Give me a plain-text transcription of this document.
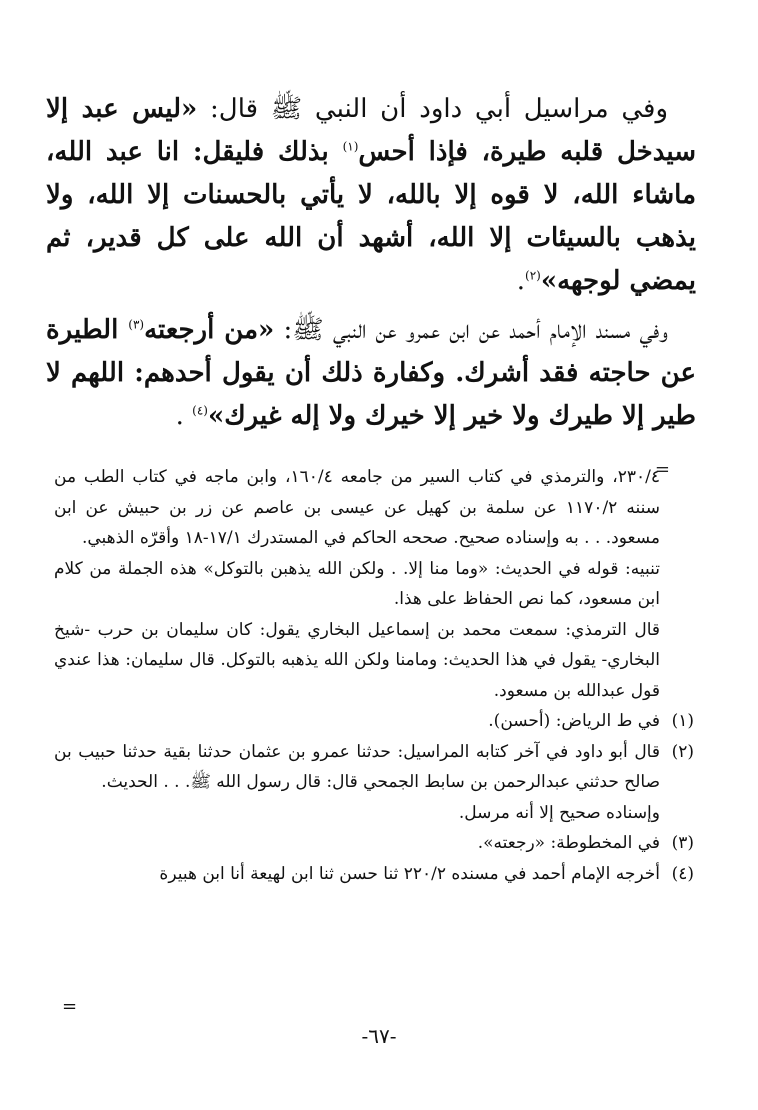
وفي مراسيل أبي داود أن النبي ﷺ قال: «ليس عبد إلا سيدخل قلبه طيرة، فإذا أحس$^{(١)}$ بذلك فليقل: انا عبد الله، ماشاء الله، لا قوه إلا بالله، لا يأتي بالحسنات إلا الله، ولا يذهب بالسيئات إلا الله، أشهد أن الله على كل قدير، ثم يمضي لوجهه»$^{(٢)}$.

وفي مسند الإمام أحمد عن ابن عمرو عن النبي ﷺ: «من أرجعته$^{(٣)}$ الطيرة عن حاجته فقد أشرك. وكفارة ذلك أن يقول أحدهم: اللهم لا طير إلا طيرك ولا خير إلا خيرك ولا إله غيرك»$^{(٤)}$ .

=

٢٣٠/٤، والترمذي في كتاب السير من جامعه ١٦٠/٤، وابن ماجه في كتاب الطب من سننه ١١٧٠/٢ عن سلمة بن كهيل عن عيسى بن عاصم عن زر بن حبيش عن ابن مسعود. . . به وإسناده صحيح. صححه الحاكم في المستدرك ١٧/١-١٨ وأقرّه الذهبي.

تنبيه: قوله في الحديث: «وما منا إلا. . ولكن الله يذهبن بالتوكل» هذه الجملة من كلام ابن مسعود، كما نص الحفاظ على هذا.

قال الترمذي: سمعت محمد بن إسماعيل البخاري يقول: كان سليمان بن حرب -شيخ البخاري- يقول في هذا الحديث: ومامنا ولكن الله يذهبه بالتوكل. قال سليمان: هذا عندي قول عبدالله بن مسعود.

(١)
في ط الرياض: (أحسن).
(٢)
قال أبو داود في آخر كتابه المراسيل: حدثنا عمرو بن عثمان حدثنا بقية حدثنا حبيب بن صالح حدثني عبدالرحمن بن سابط الجمحي قال: قال رسول الله ﷺ. . . الحديث.

وإسناده صحيح إلا أنه مرسل.

(٣)
في المخطوطة: «رجعته».
(٤)
أخرجه الإمام أحمد في مسنده ٢٢٠/٢ ثنا حسن ثنا ابن لهيعة أنا ابن هبيرة
=
-٦٧-
